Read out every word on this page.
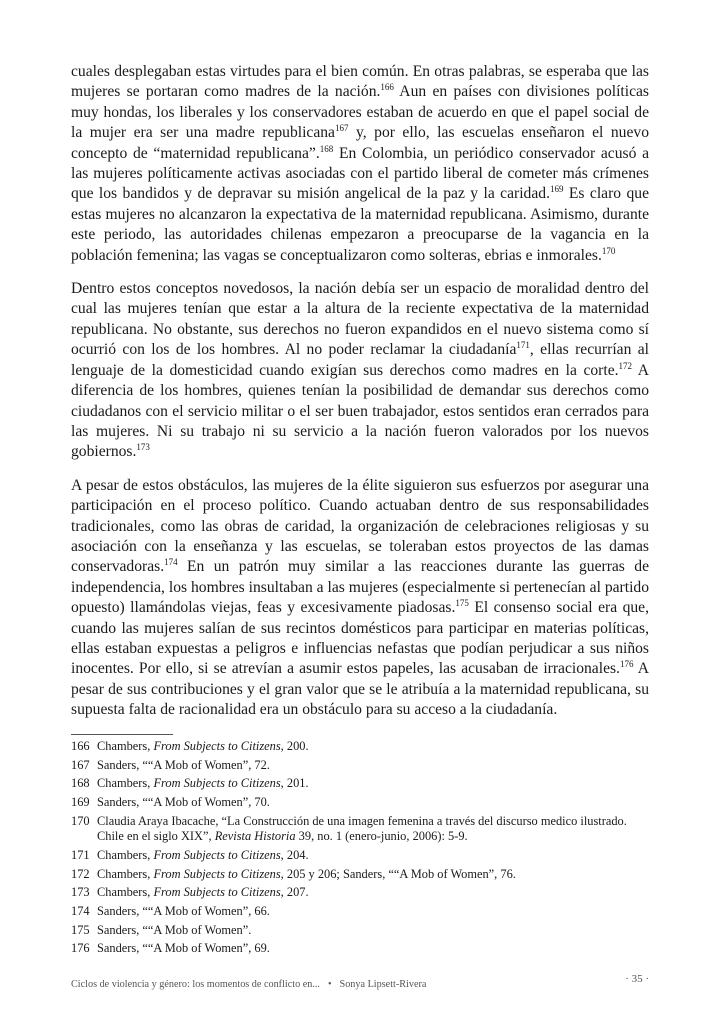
cuales desplegaban estas virtudes para el bien común. En otras palabras, se esperaba que las mujeres se portaran como madres de la nación.$^{166}$ Aun en países con divisiones políticas muy hondas, los liberales y los conservadores estaban de acuerdo en que el papel social de la mujer era ser una madre republicana$^{167}$ y, por ello, las escuelas enseñaron el nuevo concepto de “maternidad republicana”.$^{168}$ En Colombia, un periódico conservador acusó a las mujeres políticamente activas asociadas con el partido liberal de cometer más crímenes que los bandidos y de depravar su misión angelical de la paz y la caridad.$^{169}$ Es claro que estas mujeres no alcanzaron la expectativa de la maternidad republicana. Asimismo, durante este periodo, las autoridades chilenas empezaron a preocuparse de la vagancia en la población femenina; las vagas se conceptualizaron como solteras, ebrias e inmorales.$^{170}$

Dentro estos conceptos novedosos, la nación debía ser un espacio de moralidad dentro del cual las mujeres tenían que estar a la altura de la reciente expectativa de la maternidad republicana. No obstante, sus derechos no fueron expandidos en el nuevo sistema como sí ocurrió con los de los hombres. Al no poder reclamar la ciudadanía$^{171}$, ellas recurrían al lenguaje de la domesticidad cuando exigían sus derechos como madres en la corte.$^{172}$ A diferencia de los hombres, quienes tenían la posibilidad de demandar sus derechos como ciudadanos con el servicio militar o el ser buen trabajador, estos sentidos eran cerrados para las mujeres. Ni su trabajo ni su servicio a la nación fueron valorados por los nuevos gobiernos.$^{173}$

A pesar de estos obstáculos, las mujeres de la élite siguieron sus esfuerzos por asegurar una participación en el proceso político. Cuando actuaban dentro de sus responsabilidades tradicionales, como las obras de caridad, la organización de celebraciones religiosas y su asociación con la enseñanza y las escuelas, se toleraban estos proyectos de las damas conservadoras.$^{174}$ En un patrón muy similar a las reacciones durante las guerras de independencia, los hombres insultaban a las mujeres (especialmente si pertenecían al partido opuesto) llamándolas viejas, feas y excesivamente piadosas.$^{175}$ El consenso social era que, cuando las mujeres salían de sus recintos domésticos para participar en materias políticas, ellas estaban expuestas a peligros e influencias nefastas que podían perjudicar a sus niños inocentes. Por ello, si se atrevían a asumir estos papeles, las acusaban de irracionales.$^{176}$ A pesar de sus contribuciones y el gran valor que se le atribuía a la maternidad republicana, su supuesta falta de racionalidad era un obstáculo para su acceso a la ciudadanía.

166 Chambers, From Subjects to Citizens, 200.
167 Sanders, ““A Mob of Women”, 72.
168 Chambers, From Subjects to Citizens, 201.
169 Sanders, ““A Mob of Women”, 70.
170 Claudia Araya Ibacache, “La Construcción de una imagen femenina a través del discurso medico ilustrado. Chile en el siglo XIX”, Revista Historia 39, no. 1 (enero-junio, 2006): 5-9.
171 Chambers, From Subjects to Citizens, 204.
172 Chambers, From Subjects to Citizens, 205 y 206; Sanders, ““A Mob of Women”, 76.
173 Chambers, From Subjects to Citizens, 207.
174 Sanders, ““A Mob of Women”, 66.
175 Sanders, ““A Mob of Women”.
176 Sanders, ““A Mob of Women”, 69.
Ciclos de violencia y género: los momentos de conflicto en... • Sonya Lipsett-Rivera	· 35 ·
